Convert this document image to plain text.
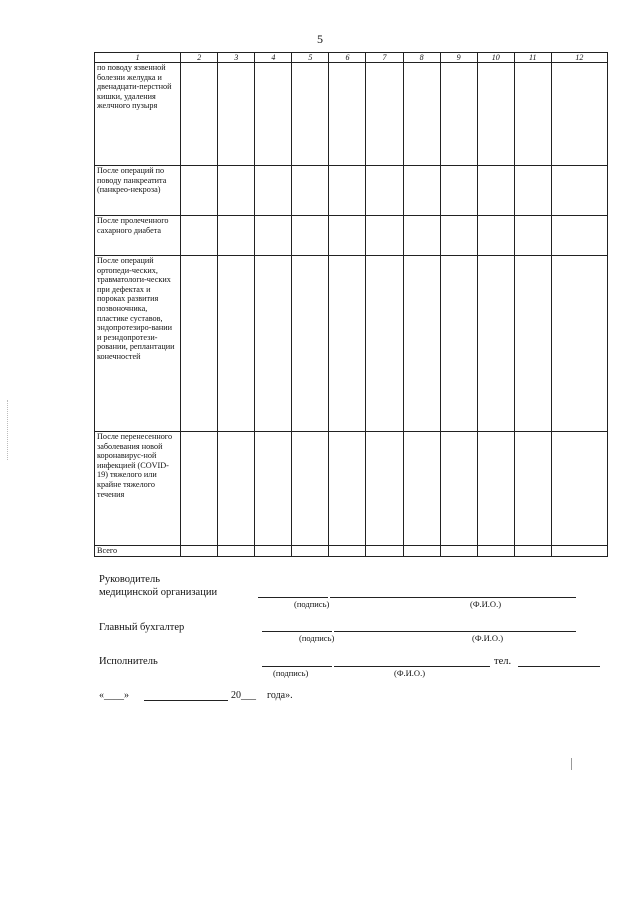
5
1	2	3	4	5	6	7	8	9	10	11	12
по поводу язвенной болезни желудка и двенадцати-перстной кишки, удаления желчного пузыря											
После операций по поводу панкреатита (панкрео-некроза)											
После пролеченного сахарного диабета											
После операций ортопеди-ческих, травматологи-ческих при дефектах и пороках развития позвоночника, пластике суставов, эндопротезиро-вании и реэндопротези-ровании, реплантации конечностей											
После перенесенного заболевания новой коронавирус-ной инфекцией (COVID-19) тяжелого или крайне тяжелого течения											
Всего											
Руководитель
медицинской организации
(подпись)	(Ф.И.О.)
Главный бухгалтер
(подпись)	(Ф.И.О.)
Исполнитель	тел.
(подпись)	(Ф.И.О.)
«____»	20___ года».
